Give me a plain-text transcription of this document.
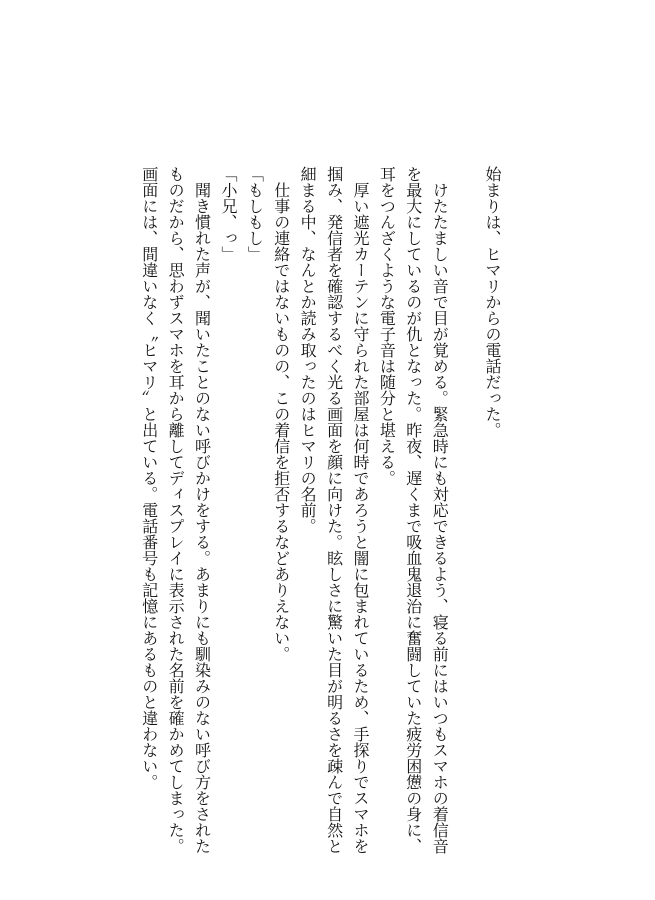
始まりは、ヒマリからの電話だった。
けたたましい音で目が覚める。緊急時にも対応できるよう、寝る前にはいつもスマホの着信音を最大にしているのが仇となった。昨夜、遅くまで吸血鬼退治に奮闘していた疲労困憊の身に、耳をつんざくような電子音は随分と堪える。
厚い遮光カーテンに守られた部屋は何時であろうと闇に包まれているため、手探りでスマホを掴み、発信者を確認するべく光る画面を顔に向けた。眩しさに驚いた目が明るさを疎んで自然と細まる中、なんとか読み取ったのはヒマリの名前。
仕事の連絡ではないものの、この着信を拒否するなどありえない。
「もしもし」
「小兄、っ」
聞き慣れた声が、聞いたことのない呼びかけをする。あまりにも馴染みのない呼び方をされたものだから、思わずスマホを耳から離してディスプレイに表示された名前を確かめてしまった。画面には、間違いなく〝ヒマリ〟と出ている。電話番号も記憶にあるものと違わない。
